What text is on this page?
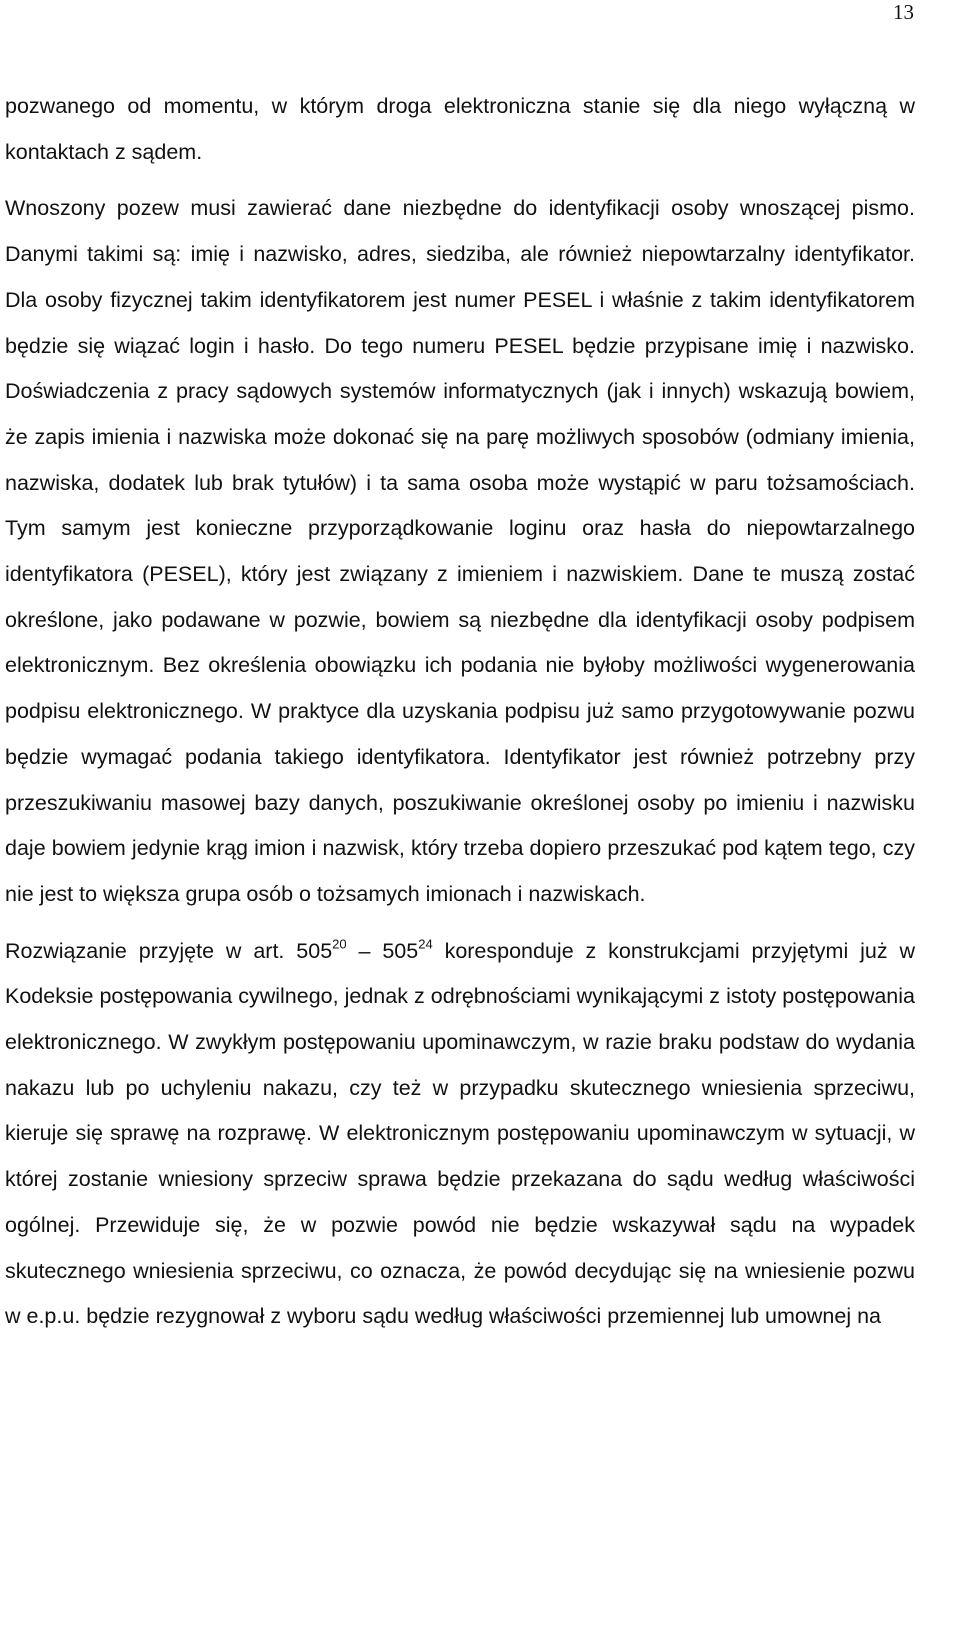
13

pozwanego od momentu, w którym droga elektroniczna stanie się dla niego wyłączną w kontaktach z sądem.

Wnoszony pozew musi zawierać dane niezbędne do identyfikacji osoby wnoszącej pismo. Danymi takimi są: imię i nazwisko, adres, siedziba, ale również niepowtarzalny identyfikator. Dla osoby fizycznej takim identyfikatorem jest numer PESEL i właśnie z takim identyfikatorem będzie się wiązać login i hasło. Do tego numeru PESEL będzie przypisane imię i nazwisko. Doświadczenia z pracy sądowych systemów informatycznych (jak i innych) wskazują bowiem, że zapis imienia i nazwiska może dokonać się na parę możliwych sposobów (odmiany imienia, nazwiska, dodatek lub brak tytułów) i ta sama osoba może wystąpić w paru tożsamościach. Tym samym jest konieczne przyporządkowanie loginu oraz hasła do niepowtarzalnego identyfikatora (PESEL), który jest związany z imieniem i nazwiskiem. Dane te muszą zostać określone, jako podawane w pozwie, bowiem są niezbędne dla identyfikacji osoby podpisem elektronicznym. Bez określenia obowiązku ich podania nie byłoby możliwości wygenerowania podpisu elektronicznego. W praktyce dla uzyskania podpisu już samo przygotowywanie pozwu będzie wymagać podania takiego identyfikatora. Identyfikator jest również potrzebny przy przeszukiwaniu masowej bazy danych, poszukiwanie określonej osoby po imieniu i nazwisku daje bowiem jedynie krąg imion i nazwisk, który trzeba dopiero przeszukać pod kątem tego, czy nie jest to większa grupa osób o tożsamych imionach i nazwiskach.

Rozwiązanie przyjęte w art. $505^{20} - 505^{24}$ koresponduje z konstrukcjami przyjętymi już w Kodeksie postępowania cywilnego, jednak z odrębnościami wynikającymi z istoty postępowania elektronicznego. W zwykłym postępowaniu upominawczym, w razie braku podstaw do wydania nakazu lub po uchyleniu nakazu, czy też w przypadku skutecznego wniesienia sprzeciwu, kieruje się sprawę na rozprawę. W elektronicznym postępowaniu upominawczym w sytuacji, w której zostanie wniesiony sprzeciw sprawa będzie przekazana do sądu według właściwości ogólnej. Przewiduje się, że w pozwie powód nie będzie wskazywał sądu na wypadek skutecznego wniesienia sprzeciwu, co oznacza, że powód decydując się na wniesienie pozwu w e.p.u. będzie rezygnował z wyboru sądu według właściwości przemiennej lub umownej na
